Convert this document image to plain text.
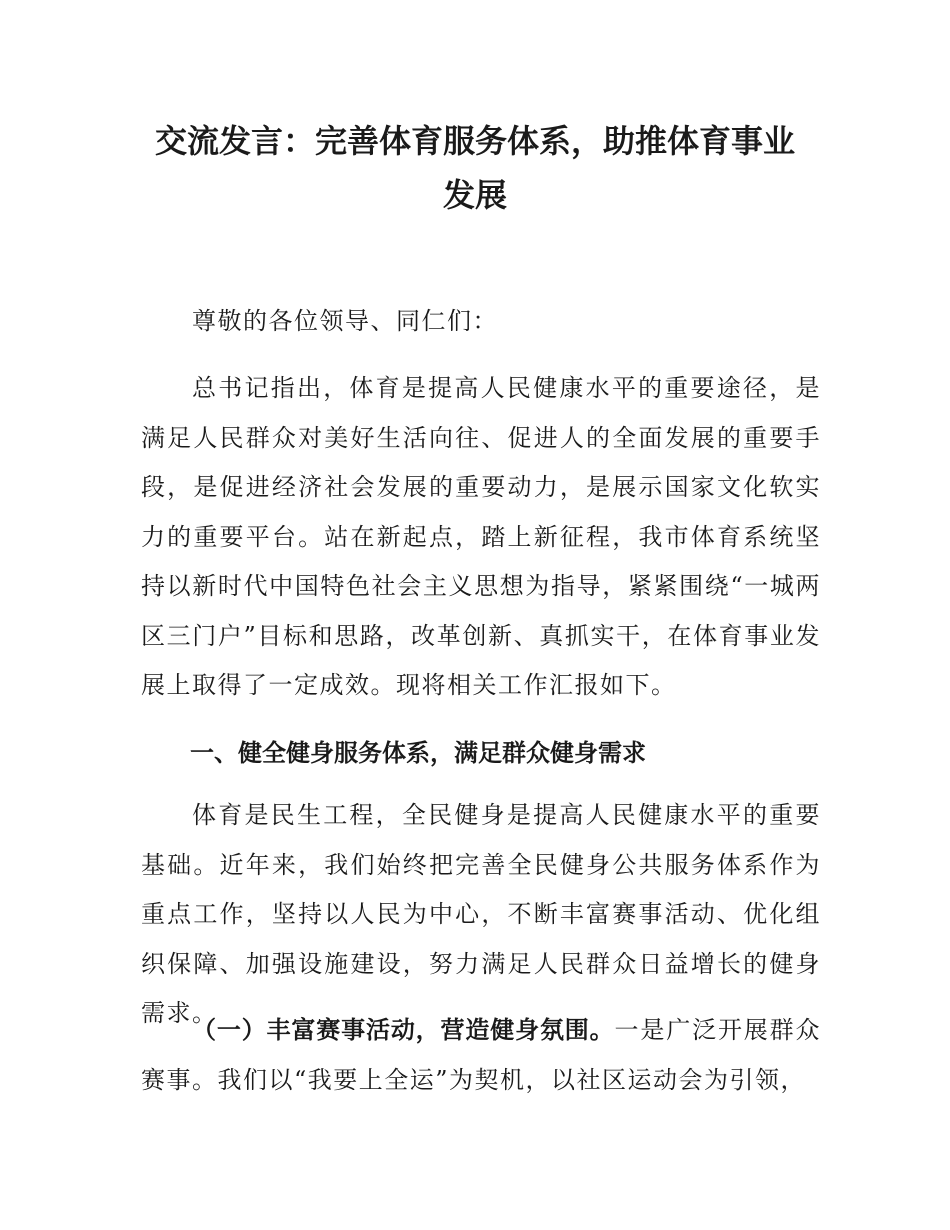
交流发言：完善体育服务体系，助推体育事业发展

尊敬的各位领导、同仁们：

总书记指出，体育是提高人民健康水平的重要途径，是满足人民群众对美好生活向往、促进人的全面发展的重要手段，是促进经济社会发展的重要动力，是展示国家文化软实力的重要平台。站在新起点，踏上新征程，我市体育系统坚持以新时代中国特色社会主义思想为指导，紧紧围绕“一城两区三门户”目标和思路，改革创新、真抓实干，在体育事业发展上取得了一定成效。现将相关工作汇报如下。

一、健全健身服务体系，满足群众健身需求

体育是民生工程，全民健身是提高人民健康水平的重要基础。近年来，我们始终把完善全民健身公共服务体系作为重点工作，坚持以人民为中心，不断丰富赛事活动、优化组织保障、加强设施建设，努力满足人民群众日益增长的健身需求。

（一）丰富赛事活动，营造健身氛围。一是广泛开展群众赛事。我们以“我要上全运”为契机，以社区运动会为引领，
